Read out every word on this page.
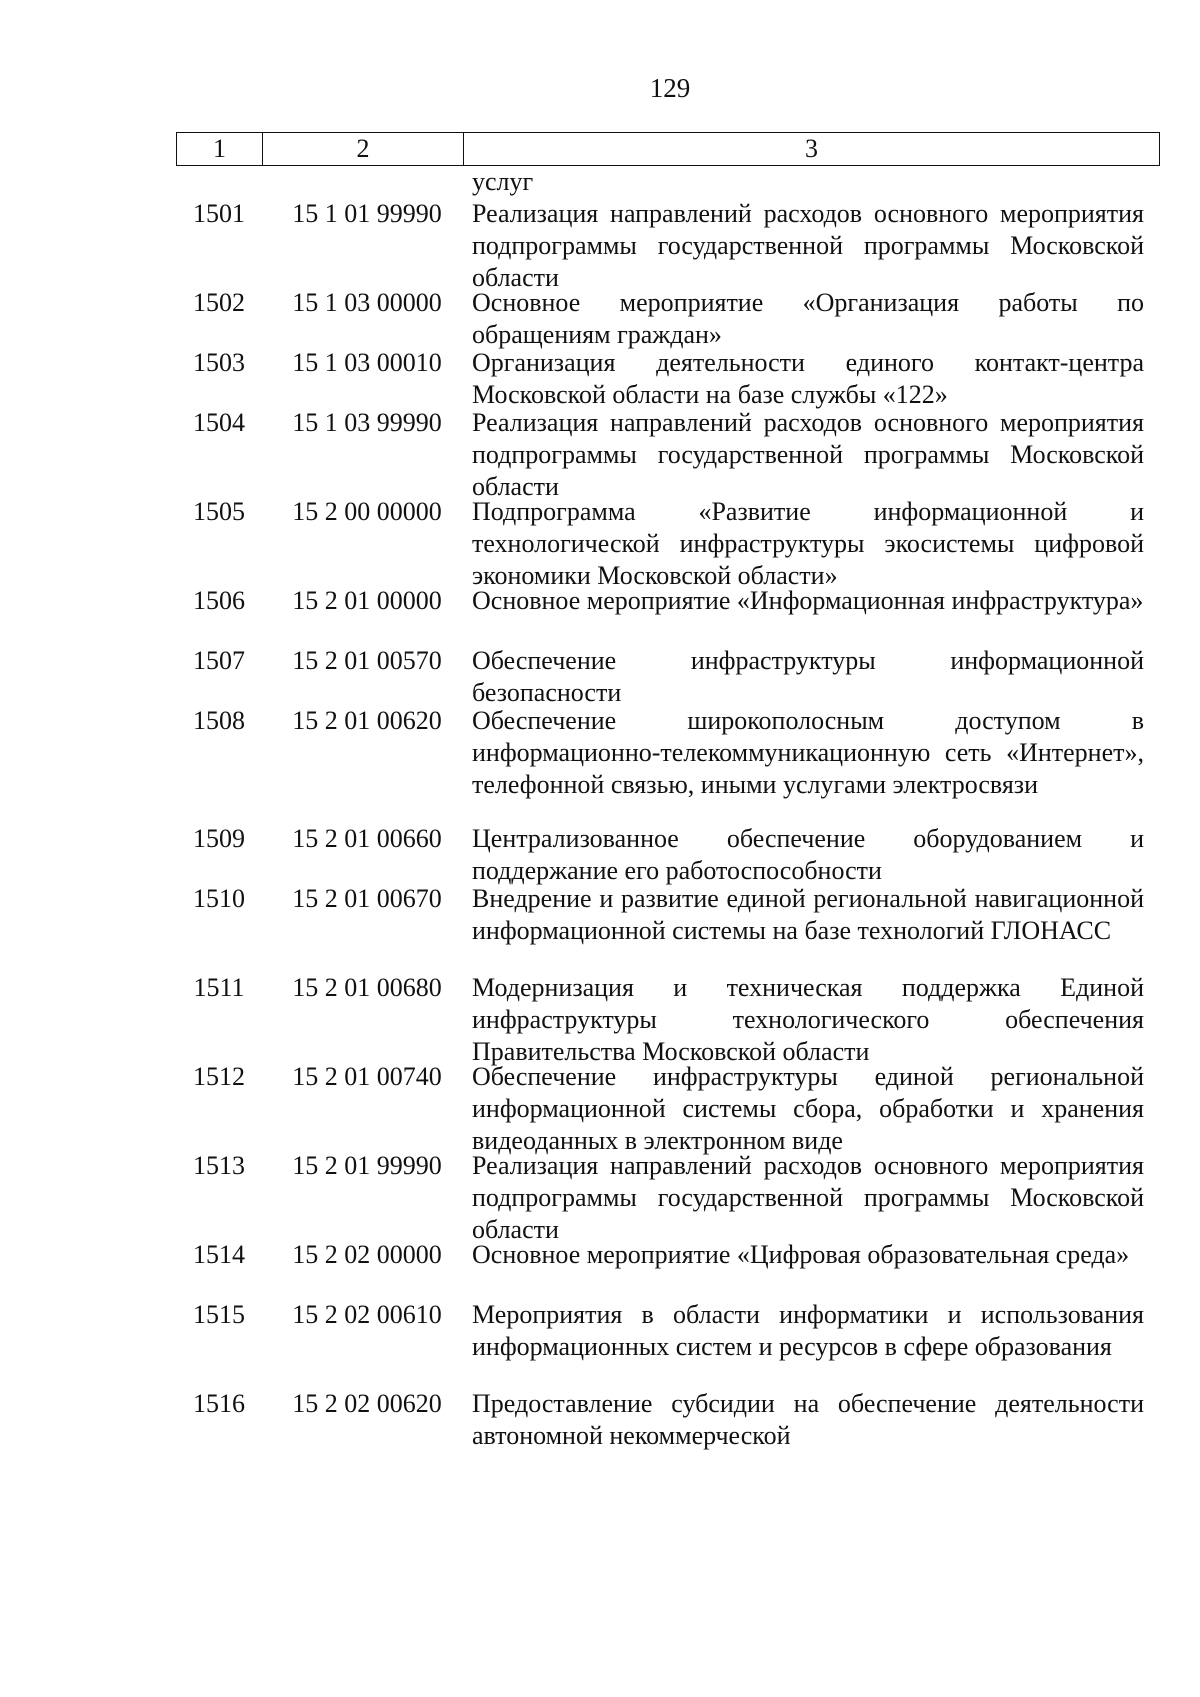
129
1	2	3
услуг
1501	15 1 01 99990	Реализация направлений расходов основного мероприятия подпрограммы государственной программы Московской области
1502	15 1 03 00000	Основное мероприятие «Организация работы по обращениям граждан»
1503	15 1 03 00010	Организация деятельности единого контакт-центра Московской области на базе службы «122»
1504	15 1 03 99990	Реализация направлений расходов основного мероприятия подпрограммы государственной программы Московской области
1505	15 2 00 00000	Подпрограмма «Развитие информационной и технологической инфраструктуры экосистемы цифровой экономики Московской области»
1506	15 2 01 00000	Основное мероприятие «Информационная инфраструктура»
1507	15 2 01 00570	Обеспечение инфраструктуры информационной безопасности
1508	15 2 01 00620	Обеспечение широкополосным доступом в информационно-телекоммуникационную сеть «Интернет», телефонной связью, иными услугами электросвязи
1509	15 2 01 00660	Централизованное обеспечение оборудованием и поддержание его работоспособности
1510	15 2 01 00670	Внедрение и развитие единой региональной навигационной информационной системы на базе технологий ГЛОНАСС
1511	15 2 01 00680	Модернизация и техническая поддержка Единой инфраструктуры технологического обеспечения Правительства Московской области
1512	15 2 01 00740	Обеспечение инфраструктуры единой региональной информационной системы сбора, обработки и хранения видеоданных в электронном виде
1513	15 2 01 99990	Реализация направлений расходов основного мероприятия подпрограммы государственной программы Московской области
1514	15 2 02 00000	Основное мероприятие «Цифровая образовательная среда»
1515	15 2 02 00610	Мероприятия в области информатики и использования информационных систем и ресурсов в сфере образования
1516	15 2 02 00620	Предоставление субсидии на обеспечение деятельности автономной некоммерческой
